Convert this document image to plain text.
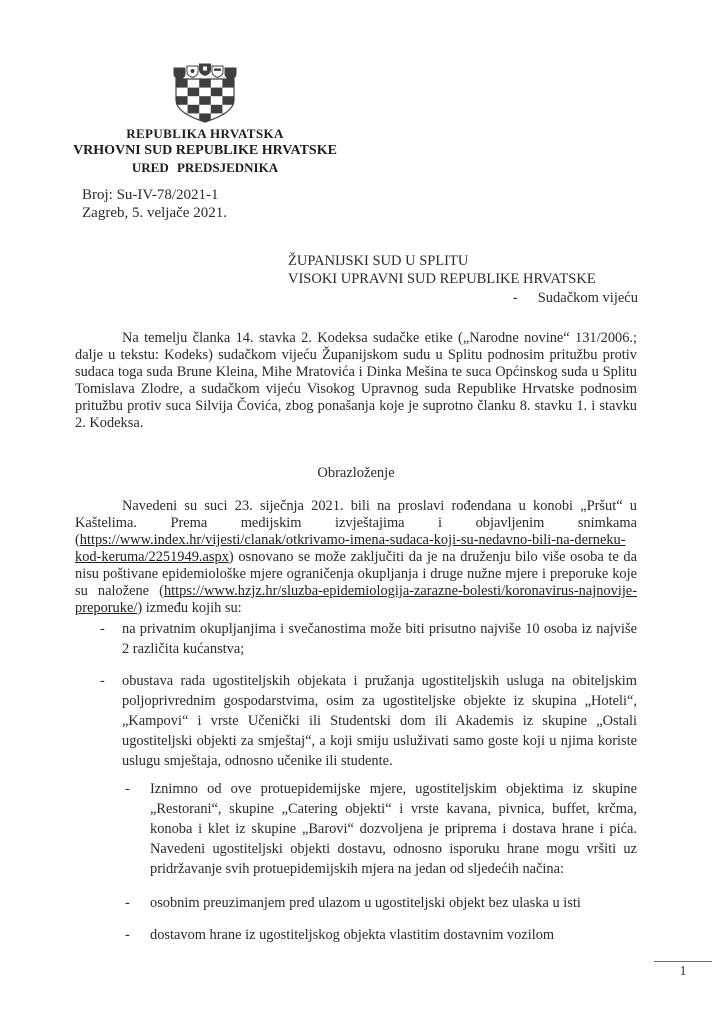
REPUBLIKA HRVATSKA
VRHOVNI SUD REPUBLIKE HRVATSKE
URED PREDSJEDNIKA
Broj: Su-IV-78/2021-1
Zagreb, 5. veljače 2021.
ŽUPANIJSKI SUD U SPLITU
VISOKI UPRAVNI SUD REPUBLIKE HRVATSKE
- Sudačkom vijeću

Na temelju članka 14. stavka 2. Kodeksa sudačke etike („Narodne novine“ 131/2006.; dalje u tekstu: Kodeks) sudačkom vijeću Županijskom sudu u Splitu podnosim pritužbu protiv sudaca toga suda Brune Kleina, Mihe Mratovića i Dinka Mešina te suca Općinskog suda u Splitu Tomislava Zlodre, a sudačkom vijeću Visokog Upravnog suda Republike Hrvatske podnosim pritužbu protiv suca Silvija Čovića, zbog ponašanja koje je suprotno članku 8. stavku 1. i stavku 2. Kodeksa.

Obrazloženje

Navedeni su suci 23. siječnja 2021. bili na proslavi rođendana u konobi „Pršut“ u Kaštelima. Prema medijskim izvještajima i objavljenim snimkama (https://www.index.hr/vijesti/clanak/otkrivamo-imena-sudaca-koji-su-nedavno-bili-na-derneku-kod-keruma/2251949.aspx) osnovano se može zaključiti da je na druženju bilo više osoba te da nisu poštivane epidemiološke mjere ograničenja okupljanja i druge nužne mjere i preporuke koje su naložene (https://www.hzjz.hr/sluzba-epidemiologija-zarazne-bolesti/koronavirus-najnovije-preporuke/) između kojih su:

- na privatnim okupljanjima i svečanostima može biti prisutno najviše 10 osoba iz najviše 2 različita kućanstva;
- obustava rada ugostiteljskih objekata i pružanja ugostiteljskih usluga na obiteljskim poljoprivrednim gospodarstvima, osim za ugostiteljske objekte iz skupina „Hoteli“, „Kampovi“ i vrste Učenički ili Studentski dom ili Akademis iz skupine „Ostali ugostiteljski objekti za smještaj“, a koji smiju usluživati samo goste koji u njima koriste uslugu smještaja, odnosno učenike ili studente.
- Iznimno od ove protuepidemijske mjere, ugostiteljskim objektima iz skupine „Restorani“, skupine „Catering objekti“ i vrste kavana, pivnica, buffet, krčma, konoba i klet iz skupine „Barovi“ dozvoljena je priprema i dostava hrane i pića. Navedeni ugostiteljski objekti dostavu, odnosno isporuku hrane mogu vršiti uz pridržavanje svih protuepidemijskih mjera na jedan od sljedećih načina:
- osobnim preuzimanjem pred ulazom u ugostiteljski objekt bez ulaska u isti
- dostavom hrane iz ugostiteljskog objekta vlastitim dostavnim vozilom
1
